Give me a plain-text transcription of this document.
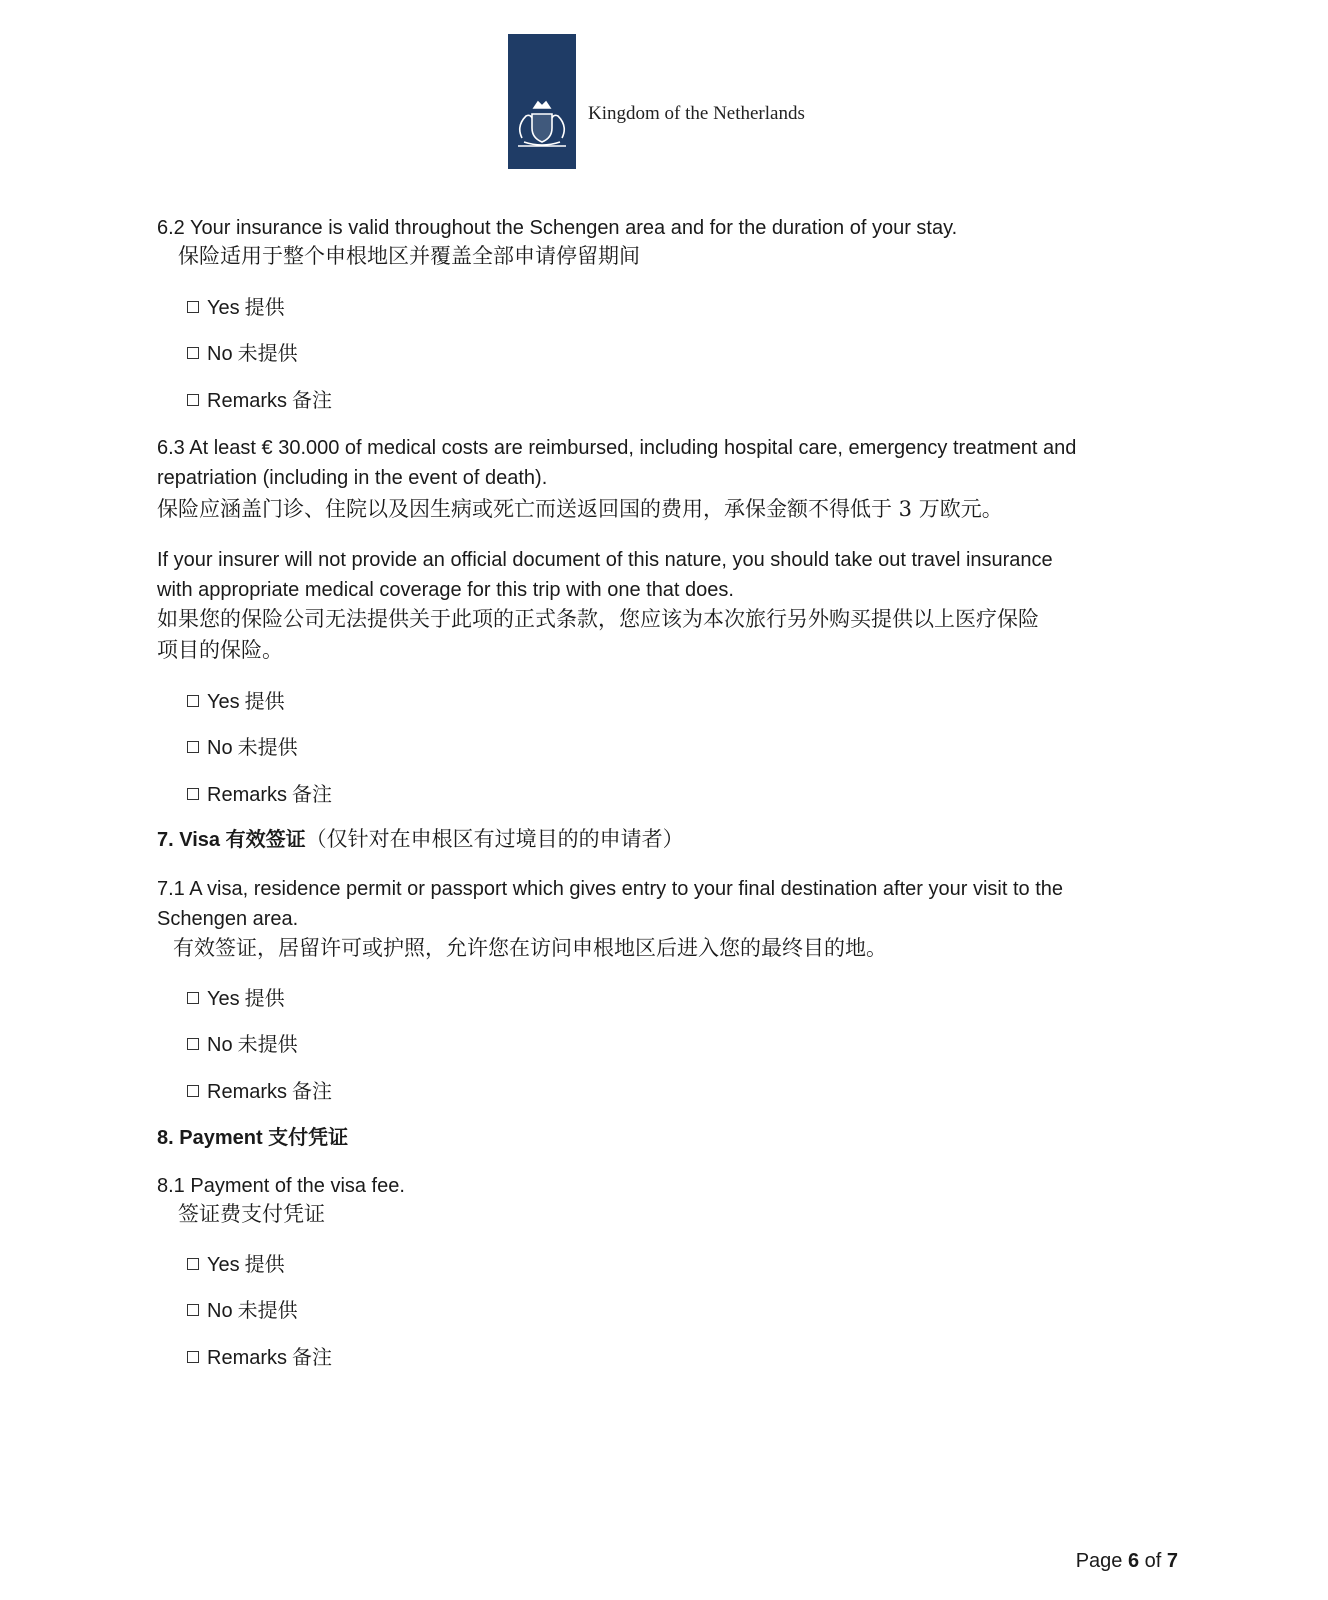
Kingdom of the Netherlands
6.2 Your insurance is valid throughout the Schengen area and for the duration of your stay.
保险适用于整个申根地区并覆盖全部申请停留期间
Yes 提供
No 未提供
Remarks 备注
6.3 At least € 30.000 of medical costs are reimbursed, including hospital care, emergency treatment and
repatriation (including in the event of death).
保险应涵盖门诊、住院以及因生病或死亡而送返回国的费用，承保金额不得低于 3 万欧元。
If your insurer will not provide an official document of this nature, you should take out travel insurance
with appropriate medical coverage for this trip with one that does.
如果您的保险公司无法提供关于此项的正式条款，您应该为本次旅行另外购买提供以上医疗保险
项目的保险。
Yes 提供
No 未提供
Remarks 备注
7. Visa 有效签证（仅针对在申根区有过境目的的申请者）
7.1 A visa, residence permit or passport which gives entry to your final destination after your visit to the
Schengen area.
有效签证，居留许可或护照，允许您在访问申根地区后进入您的最终目的地。
Yes 提供
No 未提供
Remarks 备注
8. Payment 支付凭证
8.1 Payment of the visa fee.
签证费支付凭证
Yes 提供
No 未提供
Remarks 备注
Page 6 of 7
